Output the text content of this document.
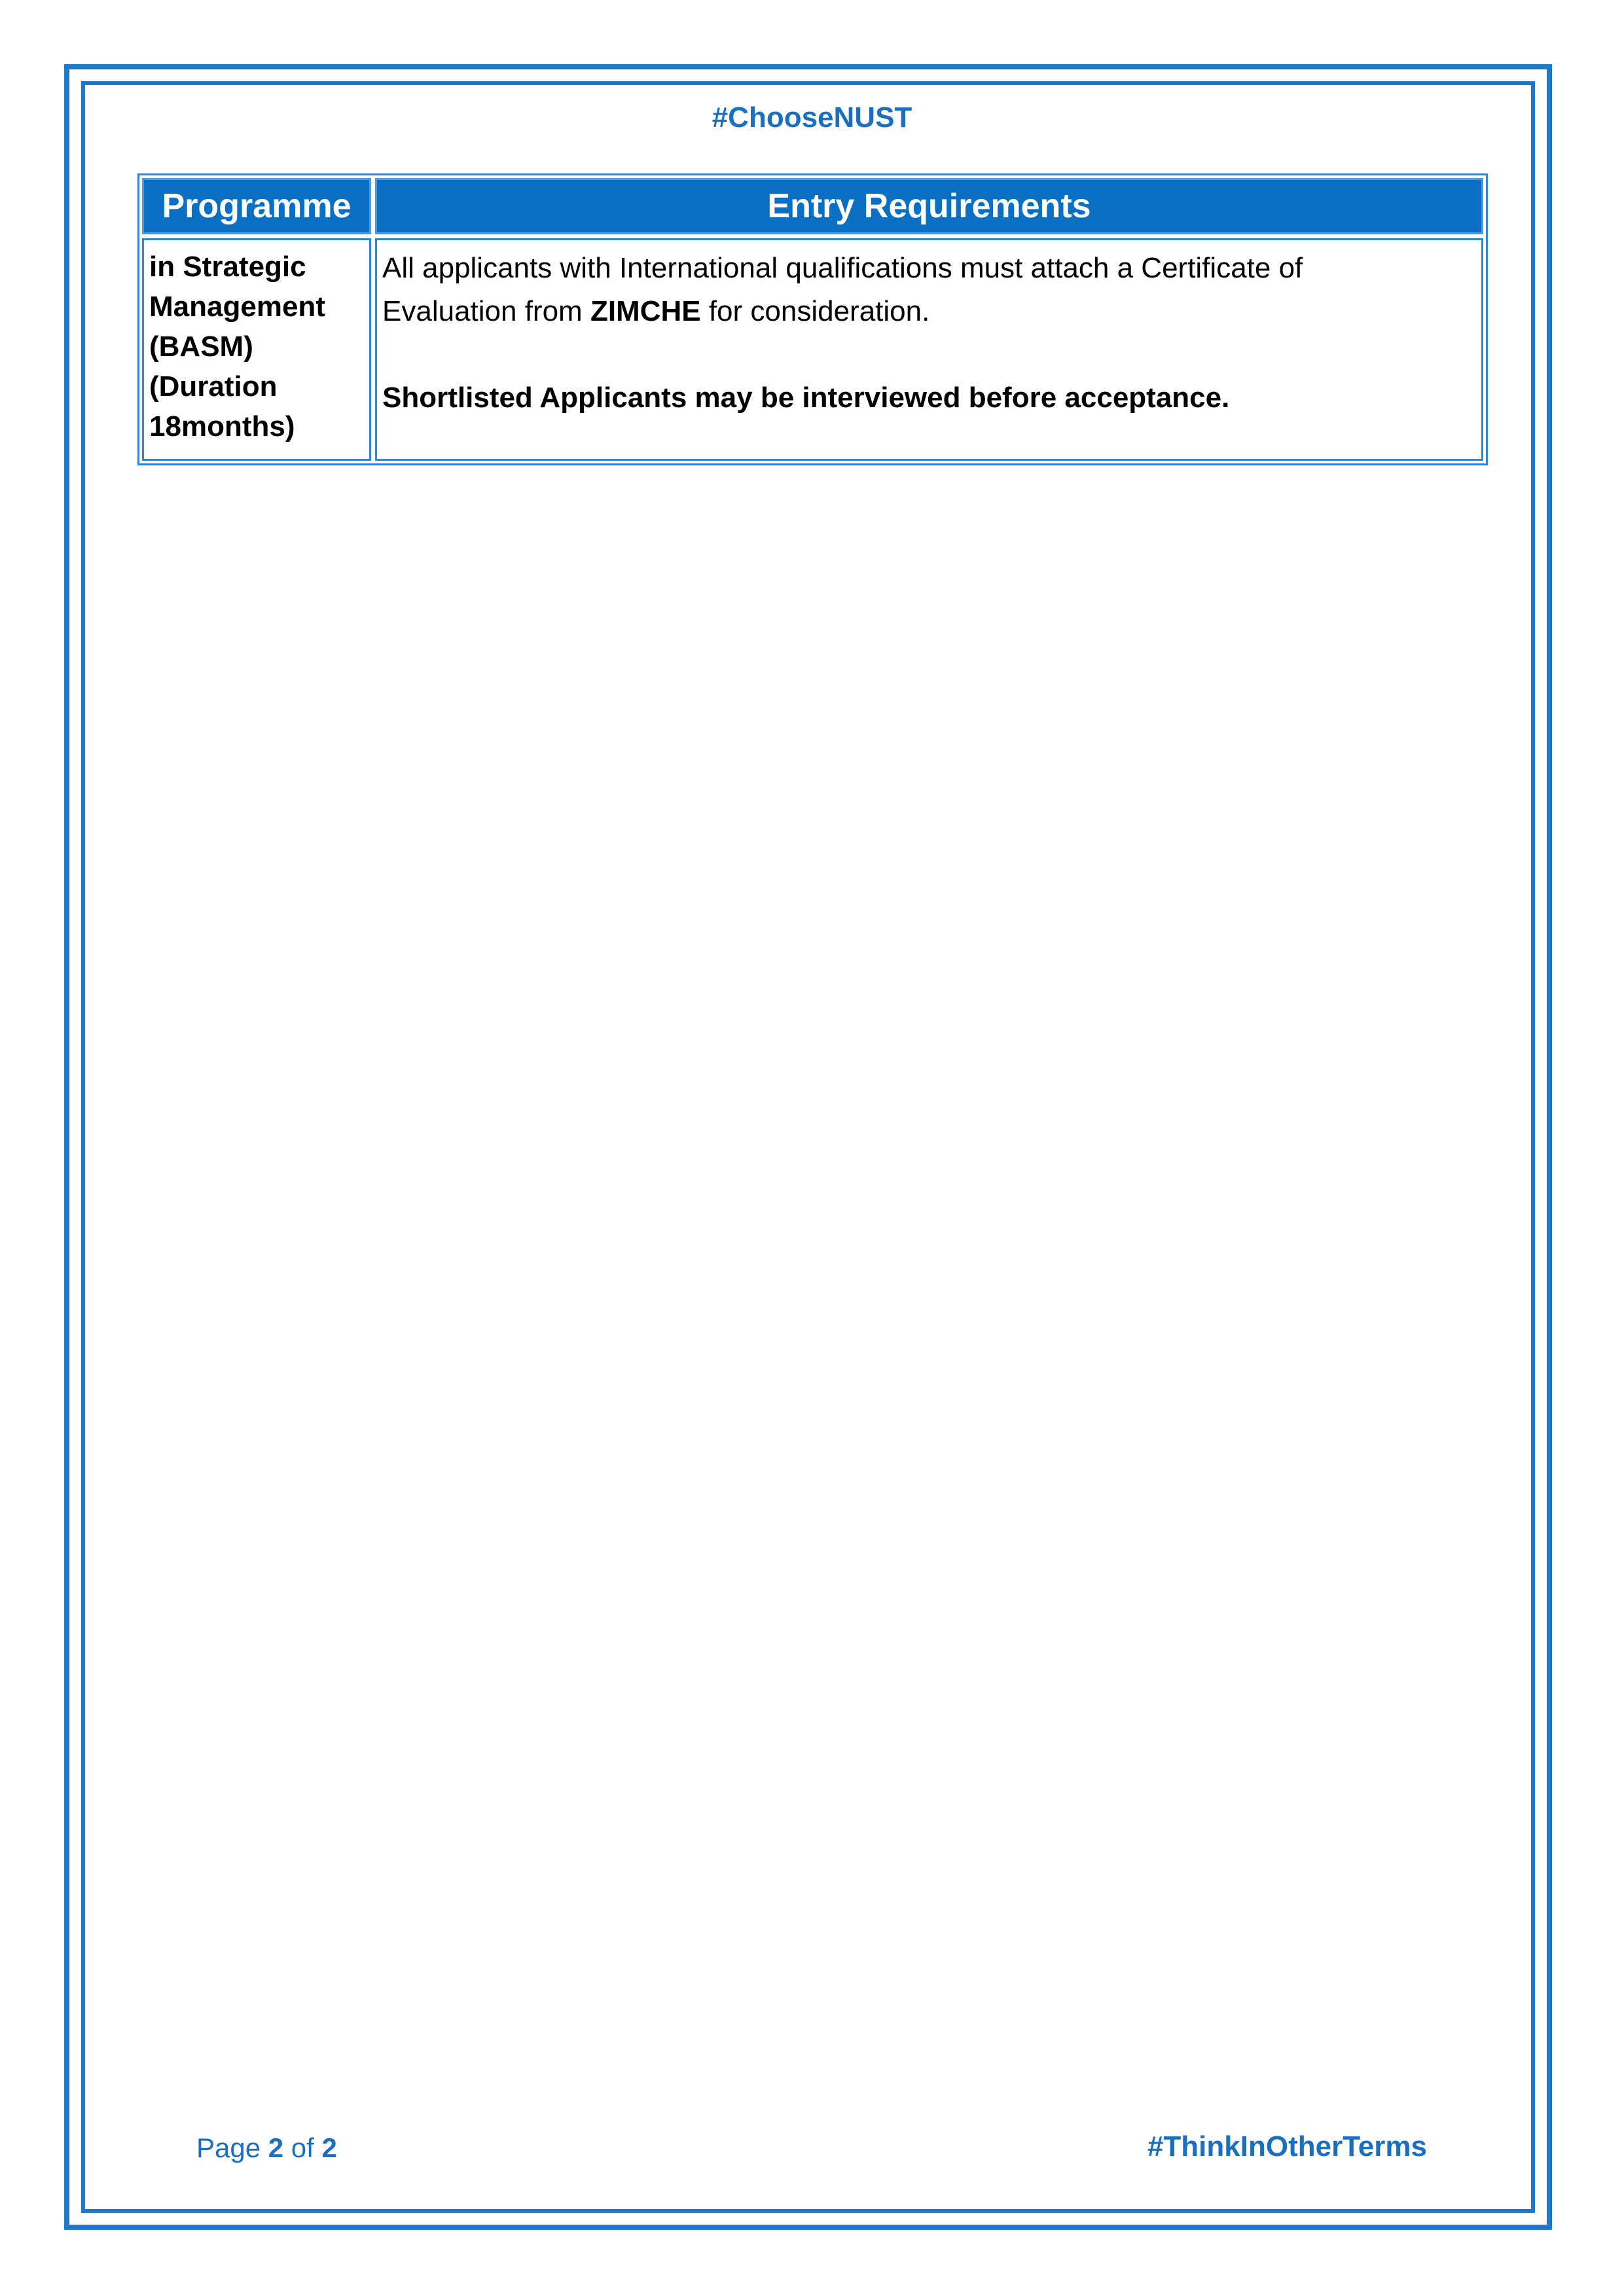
#ChooseNUST
Programme	Entry Requirements
in Strategic
Management
(BASM)
(Duration
18months)
All applicants with International qualifications must attach a Certificate of
Evaluation from ZIMCHE for consideration.
Shortlisted Applicants may be interviewed before acceptance.
Page 2 of 2	#ThinkInOtherTerms
